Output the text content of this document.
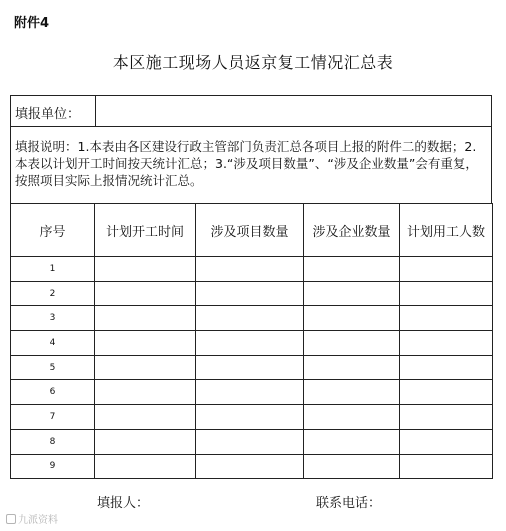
附件4
本区施工现场人员返京复工情况汇总表
填报单位：
填报说明：1.本表由各区建设行政主管部门负责汇总各项目上报的附件二的数据；2.本表以计划开工时间按天统计汇总；3.“涉及项目数量”、“涉及企业数量”会有重复，按照项目实际上报情况统计汇总。
序号	计划开工时间	涉及项目数量	涉及企业数量	计划用工人数
1				
2				
3				
4				
5				
6				
7				
8				
9				
填报人：	联系电话：
九派资料
